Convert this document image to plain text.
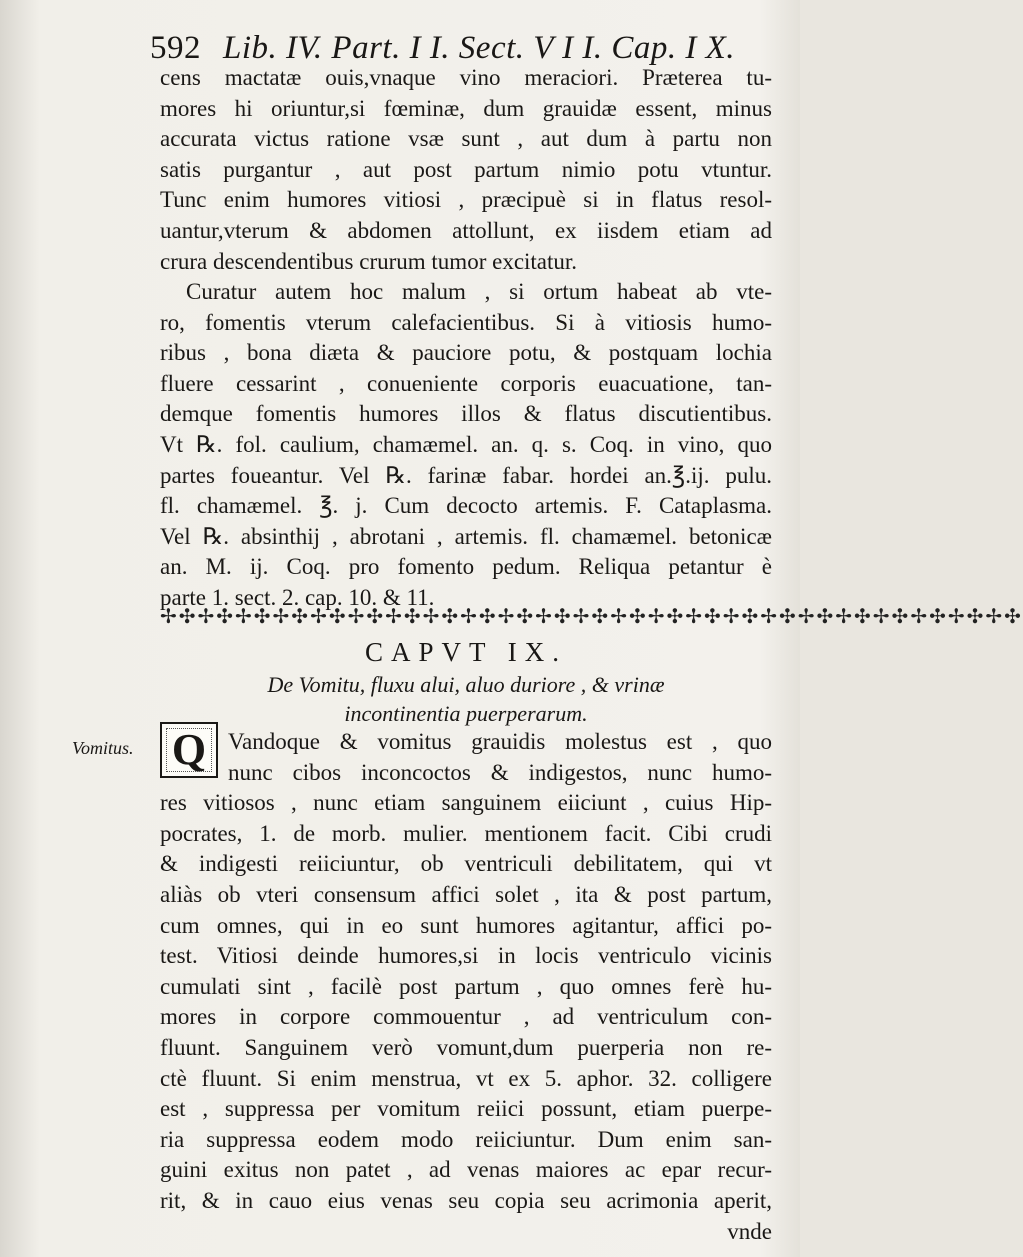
592 Lib. IV. Part. I I. Sect. V I I. Cap. I X.
cens mactatæ ouis,vnaque vino meraciori. Præterea tu-
mores hi oriuntur,si fœminæ, dum grauidæ essent, minus
accurata victus ratione vsæ sunt , aut dum à partu non
satis purgantur , aut post partum nimio potu vtuntur.
Tunc enim humores vitiosi , præcipuè si in flatus resol-
uantur,vterum & abdomen attollunt, ex iisdem etiam ad
crura descendentibus crurum tumor excitatur.
Curatur autem hoc malum , si ortum habeat ab vte-
ro, fomentis vterum calefacientibus. Si à vitiosis humo-
ribus , bona diæta & pauciore potu, & postquam lochia
fluere cessarint , conueniente corporis euacuatione, tan-
demque fomentis humores illos & flatus discutientibus.
Vt ℞. fol. caulium, chamæmel. an. q. s. Coq. in vino, quo
partes foueantur. Vel ℞. farinæ fabar. hordei an.℥.ij. pulu.
fl. chamæmel. ℥. j. Cum decocto artemis. F. Cataplasma.
Vel ℞. absinthij , abrotani , artemis. fl. chamæmel. betonicæ
an. M. ij. Coq. pro fomento pedum. Reliqua petantur è
parte 1. sect. 2. cap. 10. & 11.
✢✣✢✣✢✣✢✣✢✣✢✣✢✣✢✣✢✣✢✣✢✣✢✣✢✣✢✣✢✣✢✣✢✣✢✣✢✣✢✣✢✣✢✣✢✣
CAPVT IX.
De Vomitu, fluxu alui, aluo duriore , & vrinæ
incontinentia puerperarum.
Vomitus. Q Vandoque & vomitus grauidis molestus est , quo
nunc cibos inconcoctos & indigestos, nunc humo-
res vitiosos , nunc etiam sanguinem eiiciunt , cuius Hip-
pocrates, 1. de morb. mulier. mentionem facit. Cibi crudi
& indigesti reiiciuntur, ob ventriculi debilitatem, qui vt
aliàs ob vteri consensum affici solet , ita & post partum,
cum omnes, qui in eo sunt humores agitantur, affici po-
test. Vitiosi deinde humores,si in locis ventriculo vicinis
cumulati sint , facilè post partum , quo omnes ferè hu-
mores in corpore commouentur , ad ventriculum con-
fluunt. Sanguinem verò vomunt,dum puerperia non re-
ctè fluunt. Si enim menstrua, vt ex 5. aphor. 32. colligere
est , suppressa per vomitum reiici possunt, etiam puerpe-
ria suppressa eodem modo reiiciuntur. Dum enim san-
guini exitus non patet , ad venas maiores ac epar recur-
rit, & in cauo eius venas seu copia seu acrimonia aperit,
vnde
